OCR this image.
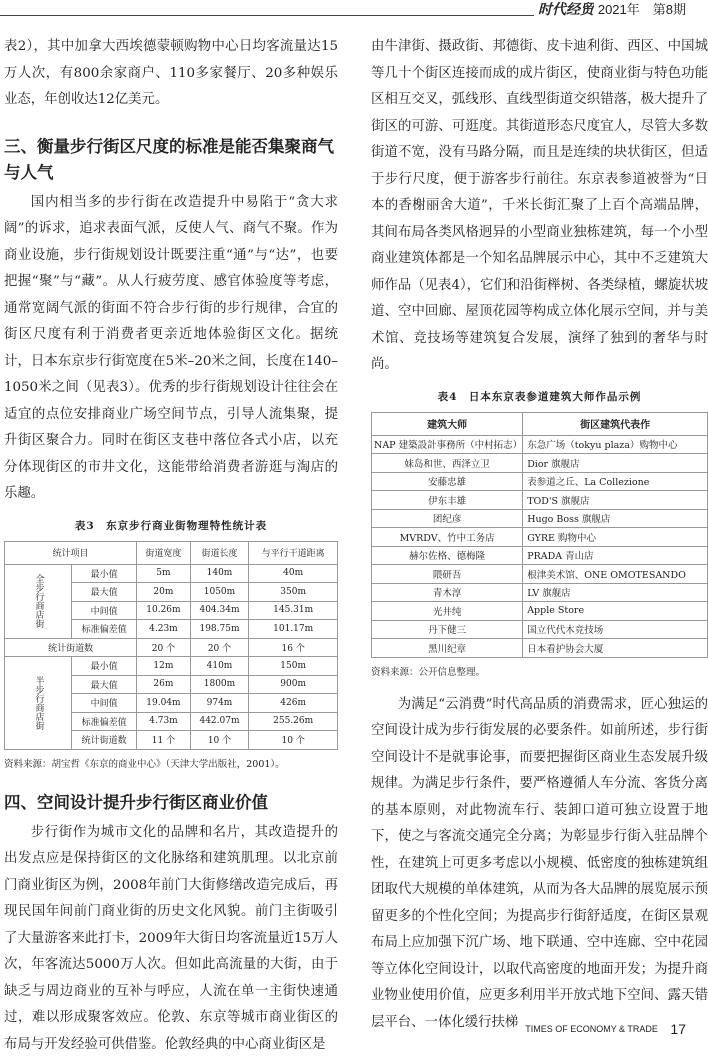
时代经贸 2021年　第8期

表2），其中加拿大西埃德蒙顿购物中心日均客流量达15万人次，有800余家商户、110多家餐厅、20多种娱乐业态，年创收达12亿美元。

三、衡量步行街区尺度的标准是能否集聚商气与人气

国内相当多的步行街在改造提升中易陷于“贪大求阔”的诉求，追求表面气派，反使人气、商气不聚。作为商业设施，步行街规划设计既要注重“通”与“达”，也要把握“聚”与“藏”。从人行疲劳度、感官体验度等考虑，通常宽阔气派的街面不符合步行街的步行规律，合宜的街区尺度有利于消费者更亲近地体验街区文化。据统计，日本东京步行街宽度在5米–20米之间，长度在140–1050米之间（见表3）。优秀的步行街规划设计往往会在适宜的点位安排商业广场空间节点，引导人流集聚，提升街区聚合力。同时在街区支巷中落位各式小店，以充分体现街区的市井文化，这能带给消费者游逛与淘店的乐趣。

表3　东京步行商业街物理特性统计表
统计项目		街道宽度	街道长度	与平行干道距离
全步行商店街	最小值	5m	140m	40m
	最大值	20m	1050m	350m
	中间值	10.26m	404.34m	145.31m
	标准偏差值	4.23m	198.75m	101.17m
统计街道数		20 个	20 个	16 个
半步行商店街	最小值	12m	410m	150m
	最大值	26m	1800m	900m
	中间值	19.04m	974m	426m
	标准偏差值	4.73m	442.07m	255.26m
	统计街道数	11 个	10 个	10 个
资料来源：胡宝哲《东京的商业中心》（天津大学出版社，2001）。
四、空间设计提升步行街区商业价值

步行街作为城市文化的品牌和名片，其改造提升的出发点应是保持街区的文化脉络和建筑肌理。以北京前门商业街区为例，2008年前门大街修缮改造完成后，再现民国年间前门商业街的历史文化风貌。前门主街吸引了大量游客来此打卡，2009年大街日均客流量近15万人次，年客流达5000万人次。但如此高流量的大街，由于缺乏与周边商业的互补与呼应，人流在单一主街快速通过，难以形成聚客效应。伦敦、东京等城市商业街区的布局与开发经验可供借鉴。伦敦经典的中心商业街区是

由牛津街、摄政街、邦德街、皮卡迪利街、西区、中国城等几十个街区连接而成的成片街区，使商业街与特色功能区相互交叉，弧线形、直线型街道交织错落，极大提升了街区的可游、可逛度。其街道形态尺度宜人，尽管大多数街道不宽，没有马路分隔，而且是连续的块状街区，但适于步行尺度，便于游客步行前往。东京表参道被誉为“日本的香榭丽舍大道”，千米长街汇聚了上百个高端品牌，其间布局各类风格迥异的小型商业独栋建筑，每一个小型商业建筑体都是一个知名品牌展示中心，其中不乏建筑大师作品（见表4），它们和沿街榉树、各类绿植，螺旋状坡道、空中回廊、屋顶花园等构成立体化展示空间，并与美术馆、竞技场等建筑复合发展，演绎了独到的奢华与时尚。

表4　日本东京表参道建筑大师作品示例
建筑大师	街区建筑代表作
NAP 建築設計事務所（中村拓志）	东急广场（tokyu plaza）购物中心
妹岛和世、西泽立卫	Dior 旗舰店
安藤忠雄	表参道之丘、La Collezione
伊东丰雄	TOD'S 旗舰店
团纪彦	Hugo Boss 旗舰店
MVRDV、竹中工务店	GYRE 购物中心
赫尔佐格、德梅隆	PRADA 青山店
隈研吾	根津美术馆、ONE OMOTESANDO
青木淳	LV 旗舰店
光井纯	Apple Store
丹下健三	国立代代木竞技场
黑川纪章	日本看护协会大厦
资料来源：公开信息整理。

为满足“云消费”时代高品质的消费需求，匠心独运的空间设计成为步行街发展的必要条件。如前所述，步行街空间设计不是就事论事，而要把握街区商业生态发展升级规律。为满足步行条件，要严格遵循人车分流、客货分离的基本原则，对此物流车行、装卸口道可独立设置于地下，使之与客流交通完全分离；为彰显步行街入驻品牌个性，在建筑上可更多考虑以小规模、低密度的独栋建筑组团取代大规模的单体建筑，从而为各大品牌的展览展示预留更多的个性化空间；为提高步行街舒适度，在街区景观布局上应加强下沉广场、地下联通、空中连廊、空中花园等立体化空间设计，以取代高密度的地面开发；为提升商业物业使用价值，应更多利用半开放式地下空间、露天错层平台、一体化缓行扶梯 TIMES OF ECONOMY & TRADE 17
